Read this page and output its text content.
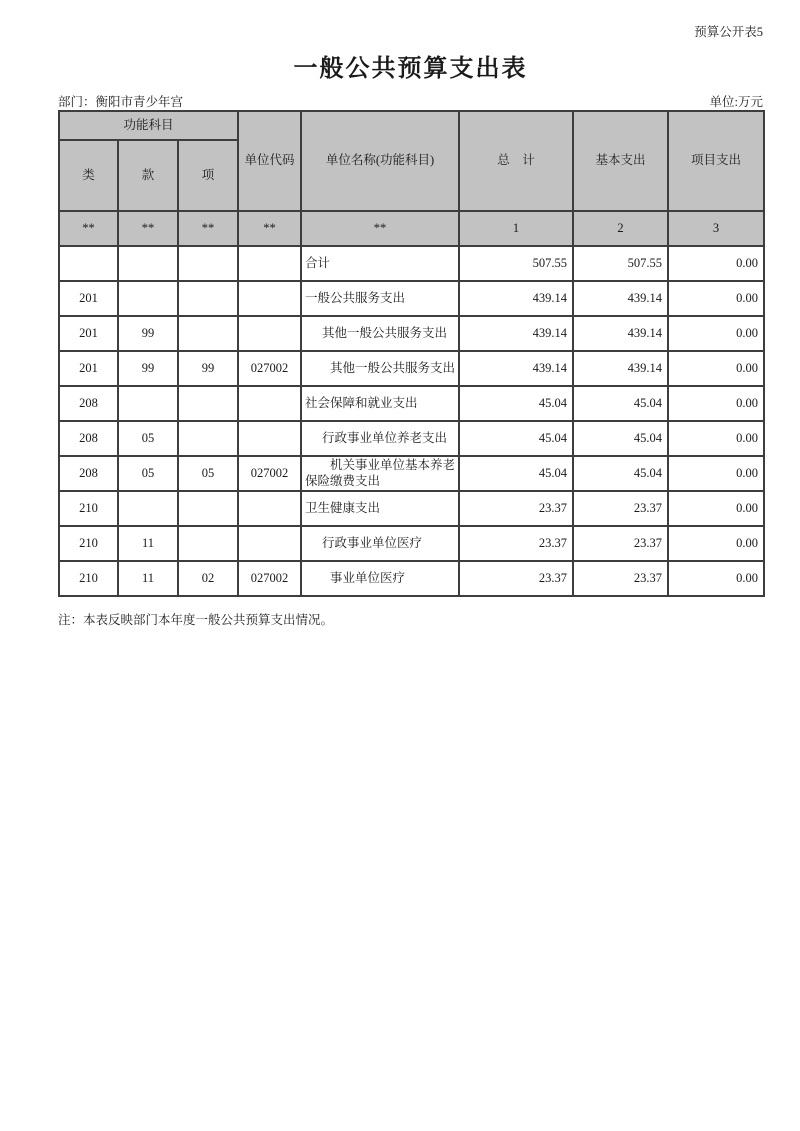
预算公开表5
一般公共预算支出表
部门：衡阳市青少年宫	单位:万元
功能科目			单位代码	单位名称(功能科目)	总　计	基本支出	项目支出
类	款	项					
**	**	**	**	**	1	2	3
				合计	507.55	507.55	0.00
201				一般公共服务支出	439.14	439.14	0.00
201	99			其他一般公共服务支出	439.14	439.14	0.00
201	99	99	027002	其他一般公共服务支出	439.14	439.14	0.00
208				社会保障和就业支出	45.04	45.04	0.00
208	05			行政事业单位养老支出	45.04	45.04	0.00
208	05	05	027002	机关事业单位基本养老保险缴费支出	45.04	45.04	0.00
210				卫生健康支出	23.37	23.37	0.00
210	11			行政事业单位医疗	23.37	23.37	0.00
210	11	02	027002	事业单位医疗	23.37	23.37	0.00
注：本表反映部门本年度一般公共预算支出情况。
